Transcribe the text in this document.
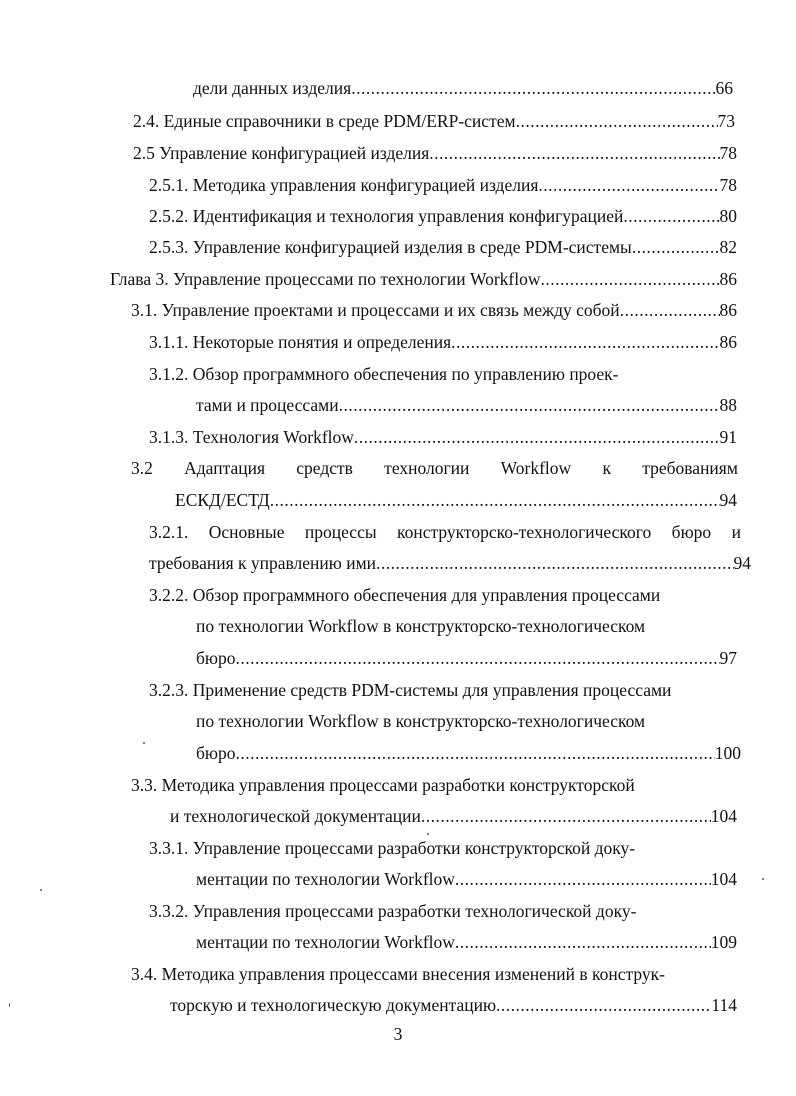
дели данных изделия .....	66
2.4. Единые справочники в среде PDM/ERP-систем .....	73
2.5 Управление конфигурацией изделия .....	78
2.5.1. Методика управления конфигурацией изделия .....	78
2.5.2. Идентификация и технология управления конфигурацией .....	80
2.5.3. Управление конфигурацией изделия в среде PDM-системы .....	82
Глава 3. Управление процессами по технологии Workflow .....	86
3.1. Управление проектами и процессами и их связь между собой .....	86
3.1.1. Некоторые понятия и определения .....	86
3.1.2. Обзор программного обеспечения по управлению проек-
тами и процессами .....	88
3.1.3. Технология Workflow .....	91
3.2 Адаптация средств технологии Workflow к требованиям
ЕСКД/ЕСТД .....	94
3.2.1. Основные процессы конструкторско-технологического бюро и
требования к управлению ими .....	94
3.2.2. Обзор программного обеспечения для управления процессами
по технологии Workflow в конструкторско-технологическом
бюро .....	97
3.2.3. Применение средств PDM-системы для управления процессами
по технологии Workflow в конструкторско-технологическом
бюро .....	100
3.3. Методика управления процессами разработки конструкторской
и технологической документации .....	104
3.3.1. Управление процессами разработки конструкторской доку-
ментации по технологии Workflow .....	104
3.3.2. Управления процессами разработки технологической доку-
ментации по технологии Workflow .....	109
3.4. Методика управления процессами внесения изменений в конструк-
торскую и технологическую документацию .....	114
3
